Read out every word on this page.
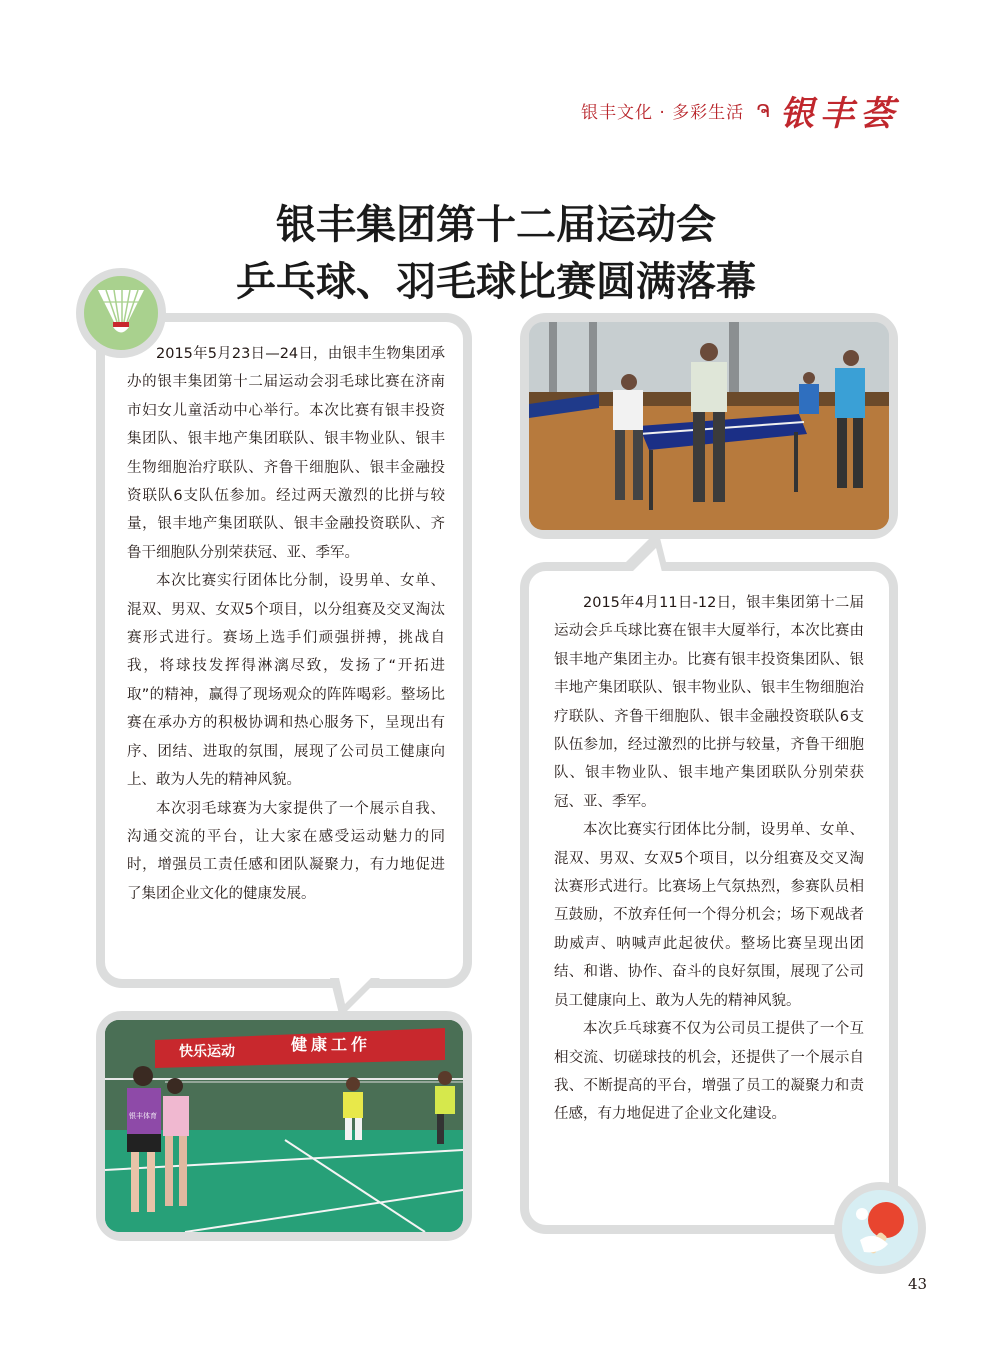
银丰文化 · 多彩生活 ຈ 银丰荟
银丰集团第十二届运动会
乒乓球、羽毛球比赛圆满落幕

2015年5月23日—24日，由银丰生物集团承办的银丰集团第十二届运动会羽毛球比赛在济南市妇女儿童活动中心举行。本次比赛有银丰投资集团队、银丰地产集团联队、银丰物业队、银丰生物细胞治疗联队、齐鲁干细胞队、银丰金融投资联队6支队伍参加。经过两天激烈的比拼与较量，银丰地产集团联队、银丰金融投资联队、齐鲁干细胞队分别荣获冠、亚、季军。

本次比赛实行团体比分制，设男单、女单、混双、男双、女双5个项目，以分组赛及交叉淘汰赛形式进行。赛场上选手们顽强拼搏，挑战自我，将球技发挥得淋漓尽致，发扬了“开拓进取”的精神，赢得了现场观众的阵阵喝彩。整场比赛在承办方的积极协调和热心服务下，呈现出有序、团结、进取的氛围，展现了公司员工健康向上、敢为人先的精神风貌。

本次羽毛球赛为大家提供了一个展示自我、沟通交流的平台，让大家在感受运动魅力的同时，增强员工责任感和团队凝聚力，有力地促进了集团企业文化的健康发展。

2015年4月11日-12日，银丰集团第十二届运动会乒乓球比赛在银丰大厦举行，本次比赛由银丰地产集团主办。比赛有银丰投资集团队、银丰地产集团联队、银丰物业队、银丰生物细胞治疗联队、齐鲁干细胞队、银丰金融投资联队6支队伍参加，经过激烈的比拼与较量，齐鲁干细胞队、银丰物业队、银丰地产集团联队分别荣获冠、亚、季军。

本次比赛实行团体比分制，设男单、女单、混双、男双、女双5个项目，以分组赛及交叉淘汰赛形式进行。比赛场上气氛热烈，参赛队员相互鼓励，不放弃任何一个得分机会；场下观战者助威声、呐喊声此起彼伏。整场比赛呈现出团结、和谐、协作、奋斗的良好氛围，展现了公司员工健康向上、敢为人先的精神风貌。

本次乒乓球赛不仅为公司员工提供了一个互相交流、切磋球技的机会，还提供了一个展示自我、不断提高的平台，增强了员工的凝聚力和责任感，有力地促进了企业文化建设。

快乐运动	健康工作
银丰体育
43
